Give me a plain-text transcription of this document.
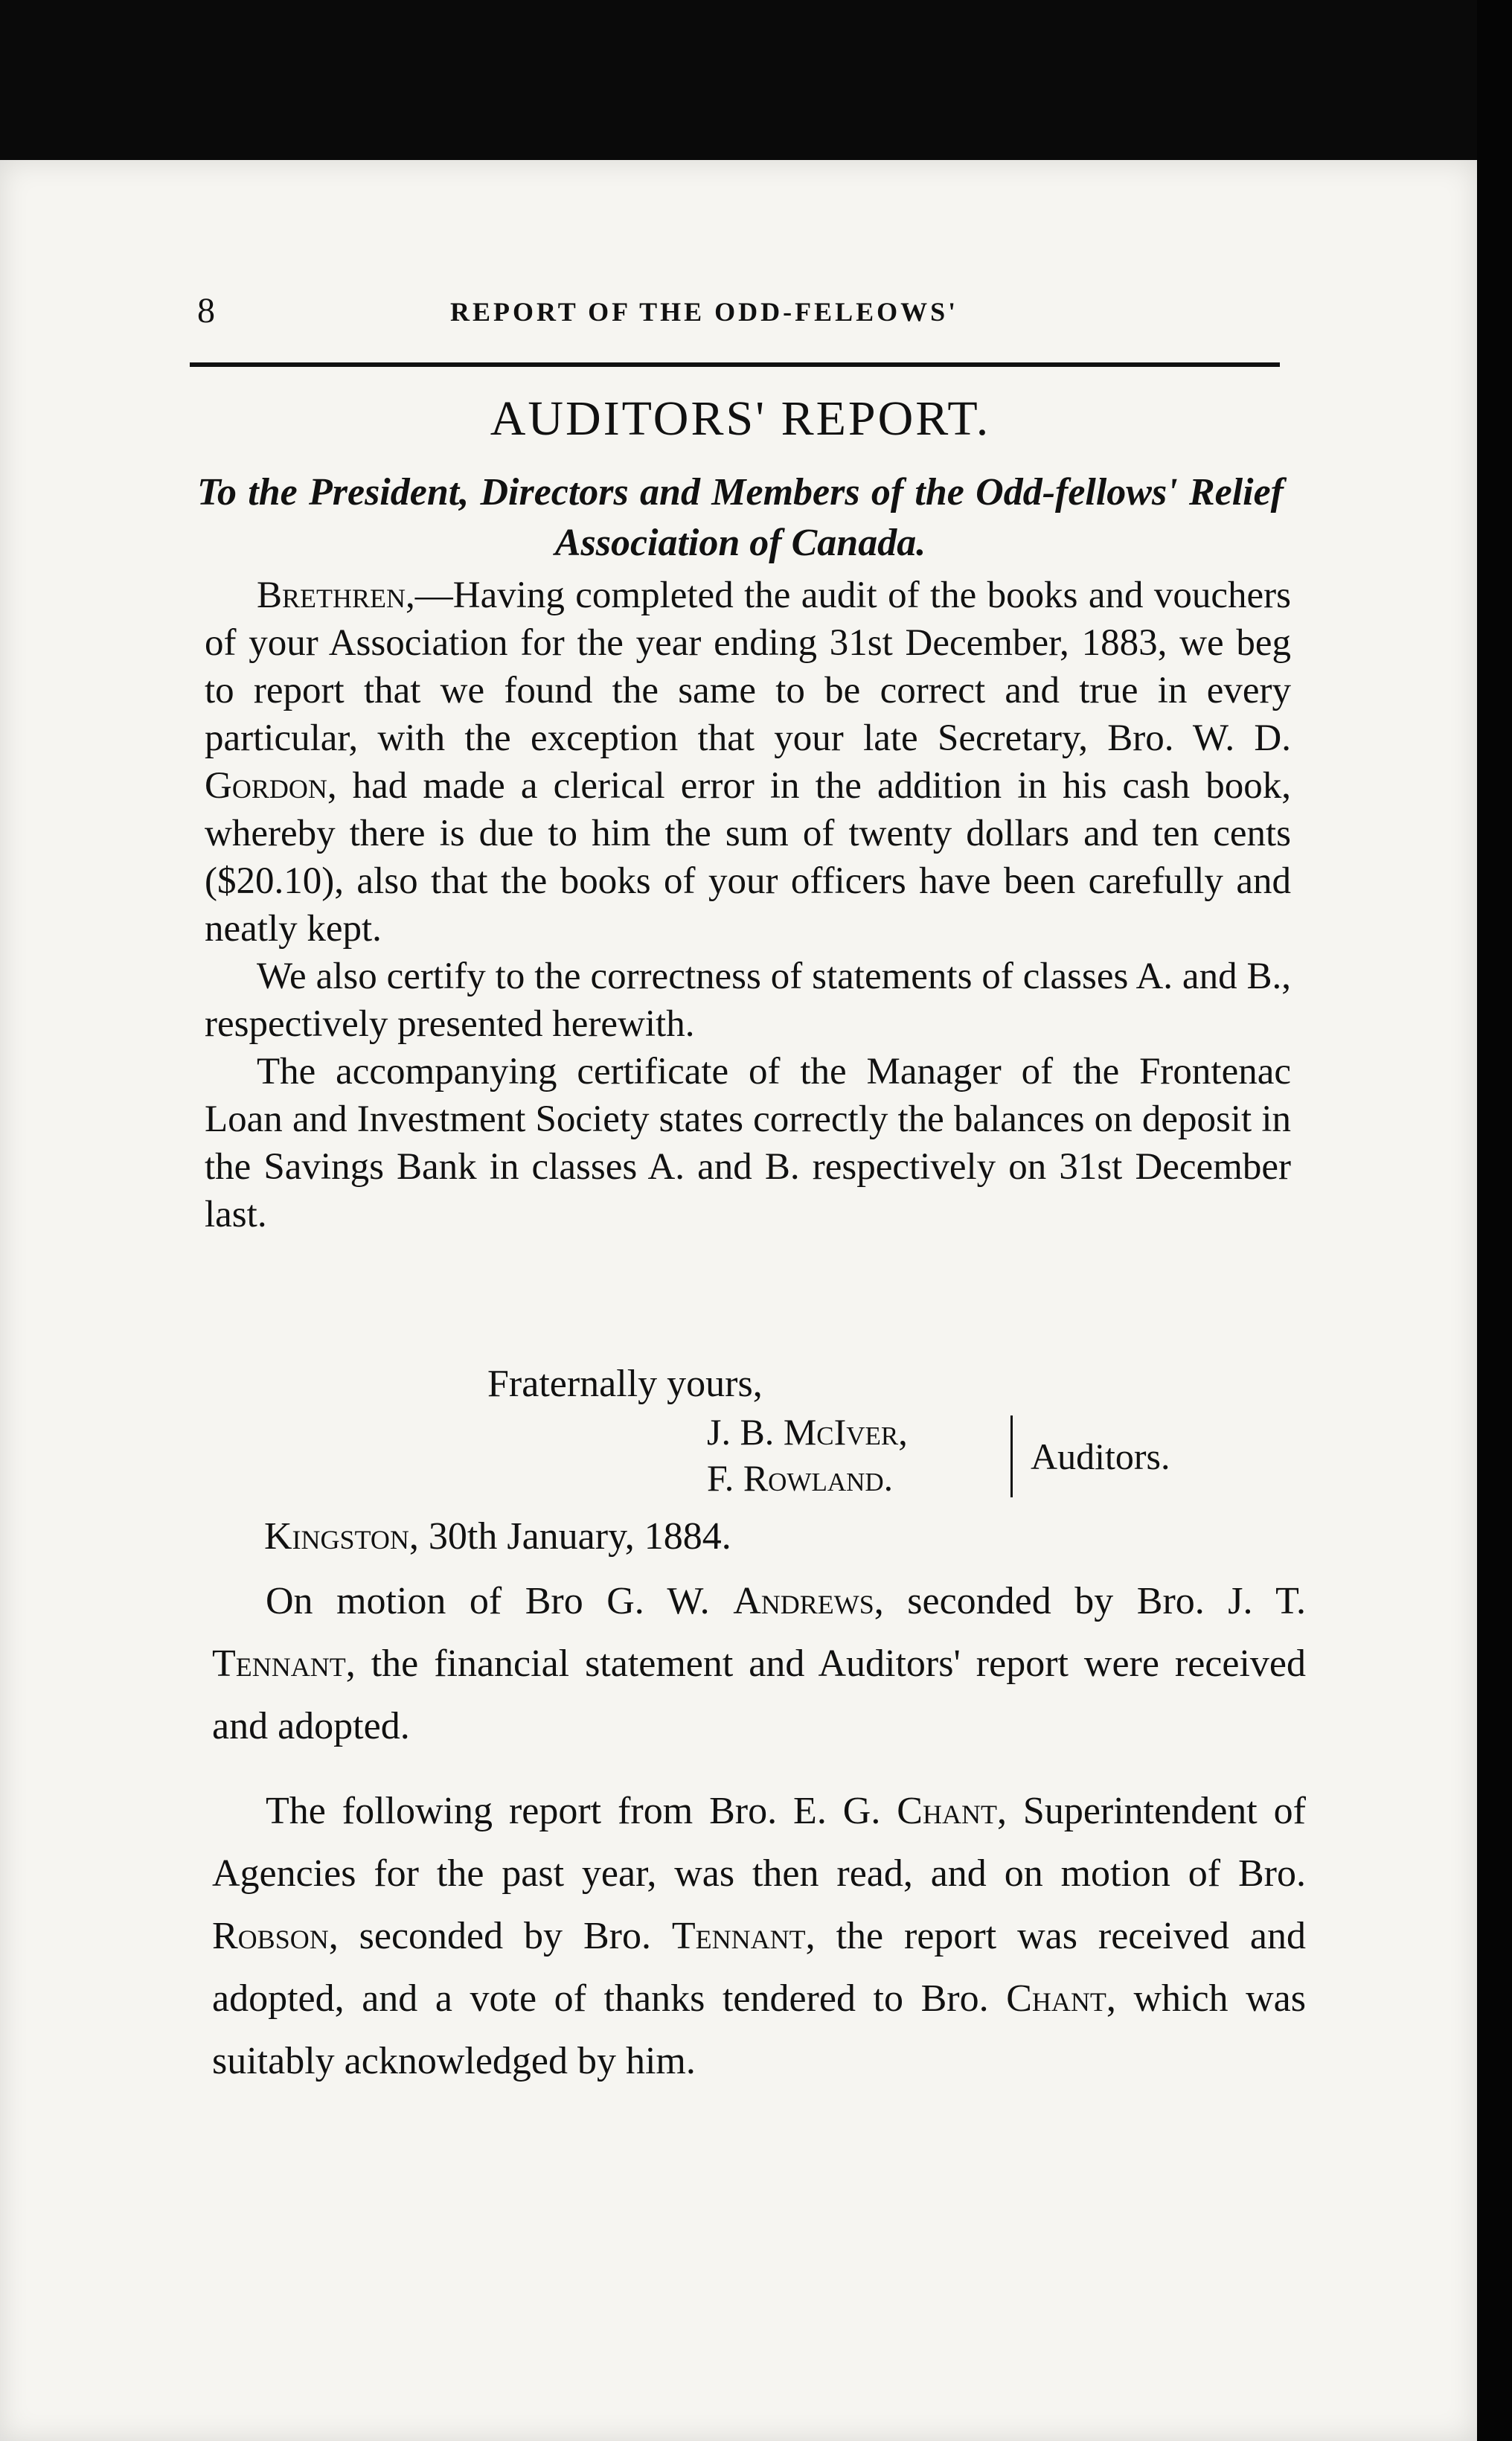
8	REPORT OF THE ODD-FELEOWS'
AUDITORS' REPORT.
To the President, Directors and Members of the Odd-fellows' Relief Association of Canada.

Brethren,—Having completed the audit of the books and vouchers of your Association for the year ending 31st December, 1883, we beg to report that we found the same to be correct and true in every particular, with the exception that your late Secretary, Bro. W. D. Gordon, had made a clerical error in the addition in his cash book, whereby there is due to him the sum of twenty dollars and ten cents ($20.10), also that the books of your officers have been carefully and neatly kept.

We also certify to the correctness of statements of classes A. and B., respectively presented herewith.

The accompanying certificate of the Manager of the Frontenac Loan and Investment Society states correctly the balances on deposit in the Savings Bank in classes A. and B. respectively on 31st December last.

Fraternally yours,
J. B. McIver,
F. Rowland.
Auditors.
Kingston, 30th January, 1884.

On motion of Bro G. W. Andrews, seconded by Bro. J. T. Tennant, the financial statement and Auditors' report were received and adopted.

The following report from Bro. E. G. Chant, Superintendent of Agencies for the past year, was then read, and on motion of Bro. Robson, seconded by Bro. Tennant, the report was received and adopted, and a vote of thanks tendered to Bro. Chant, which was suitably acknowledged by him.
